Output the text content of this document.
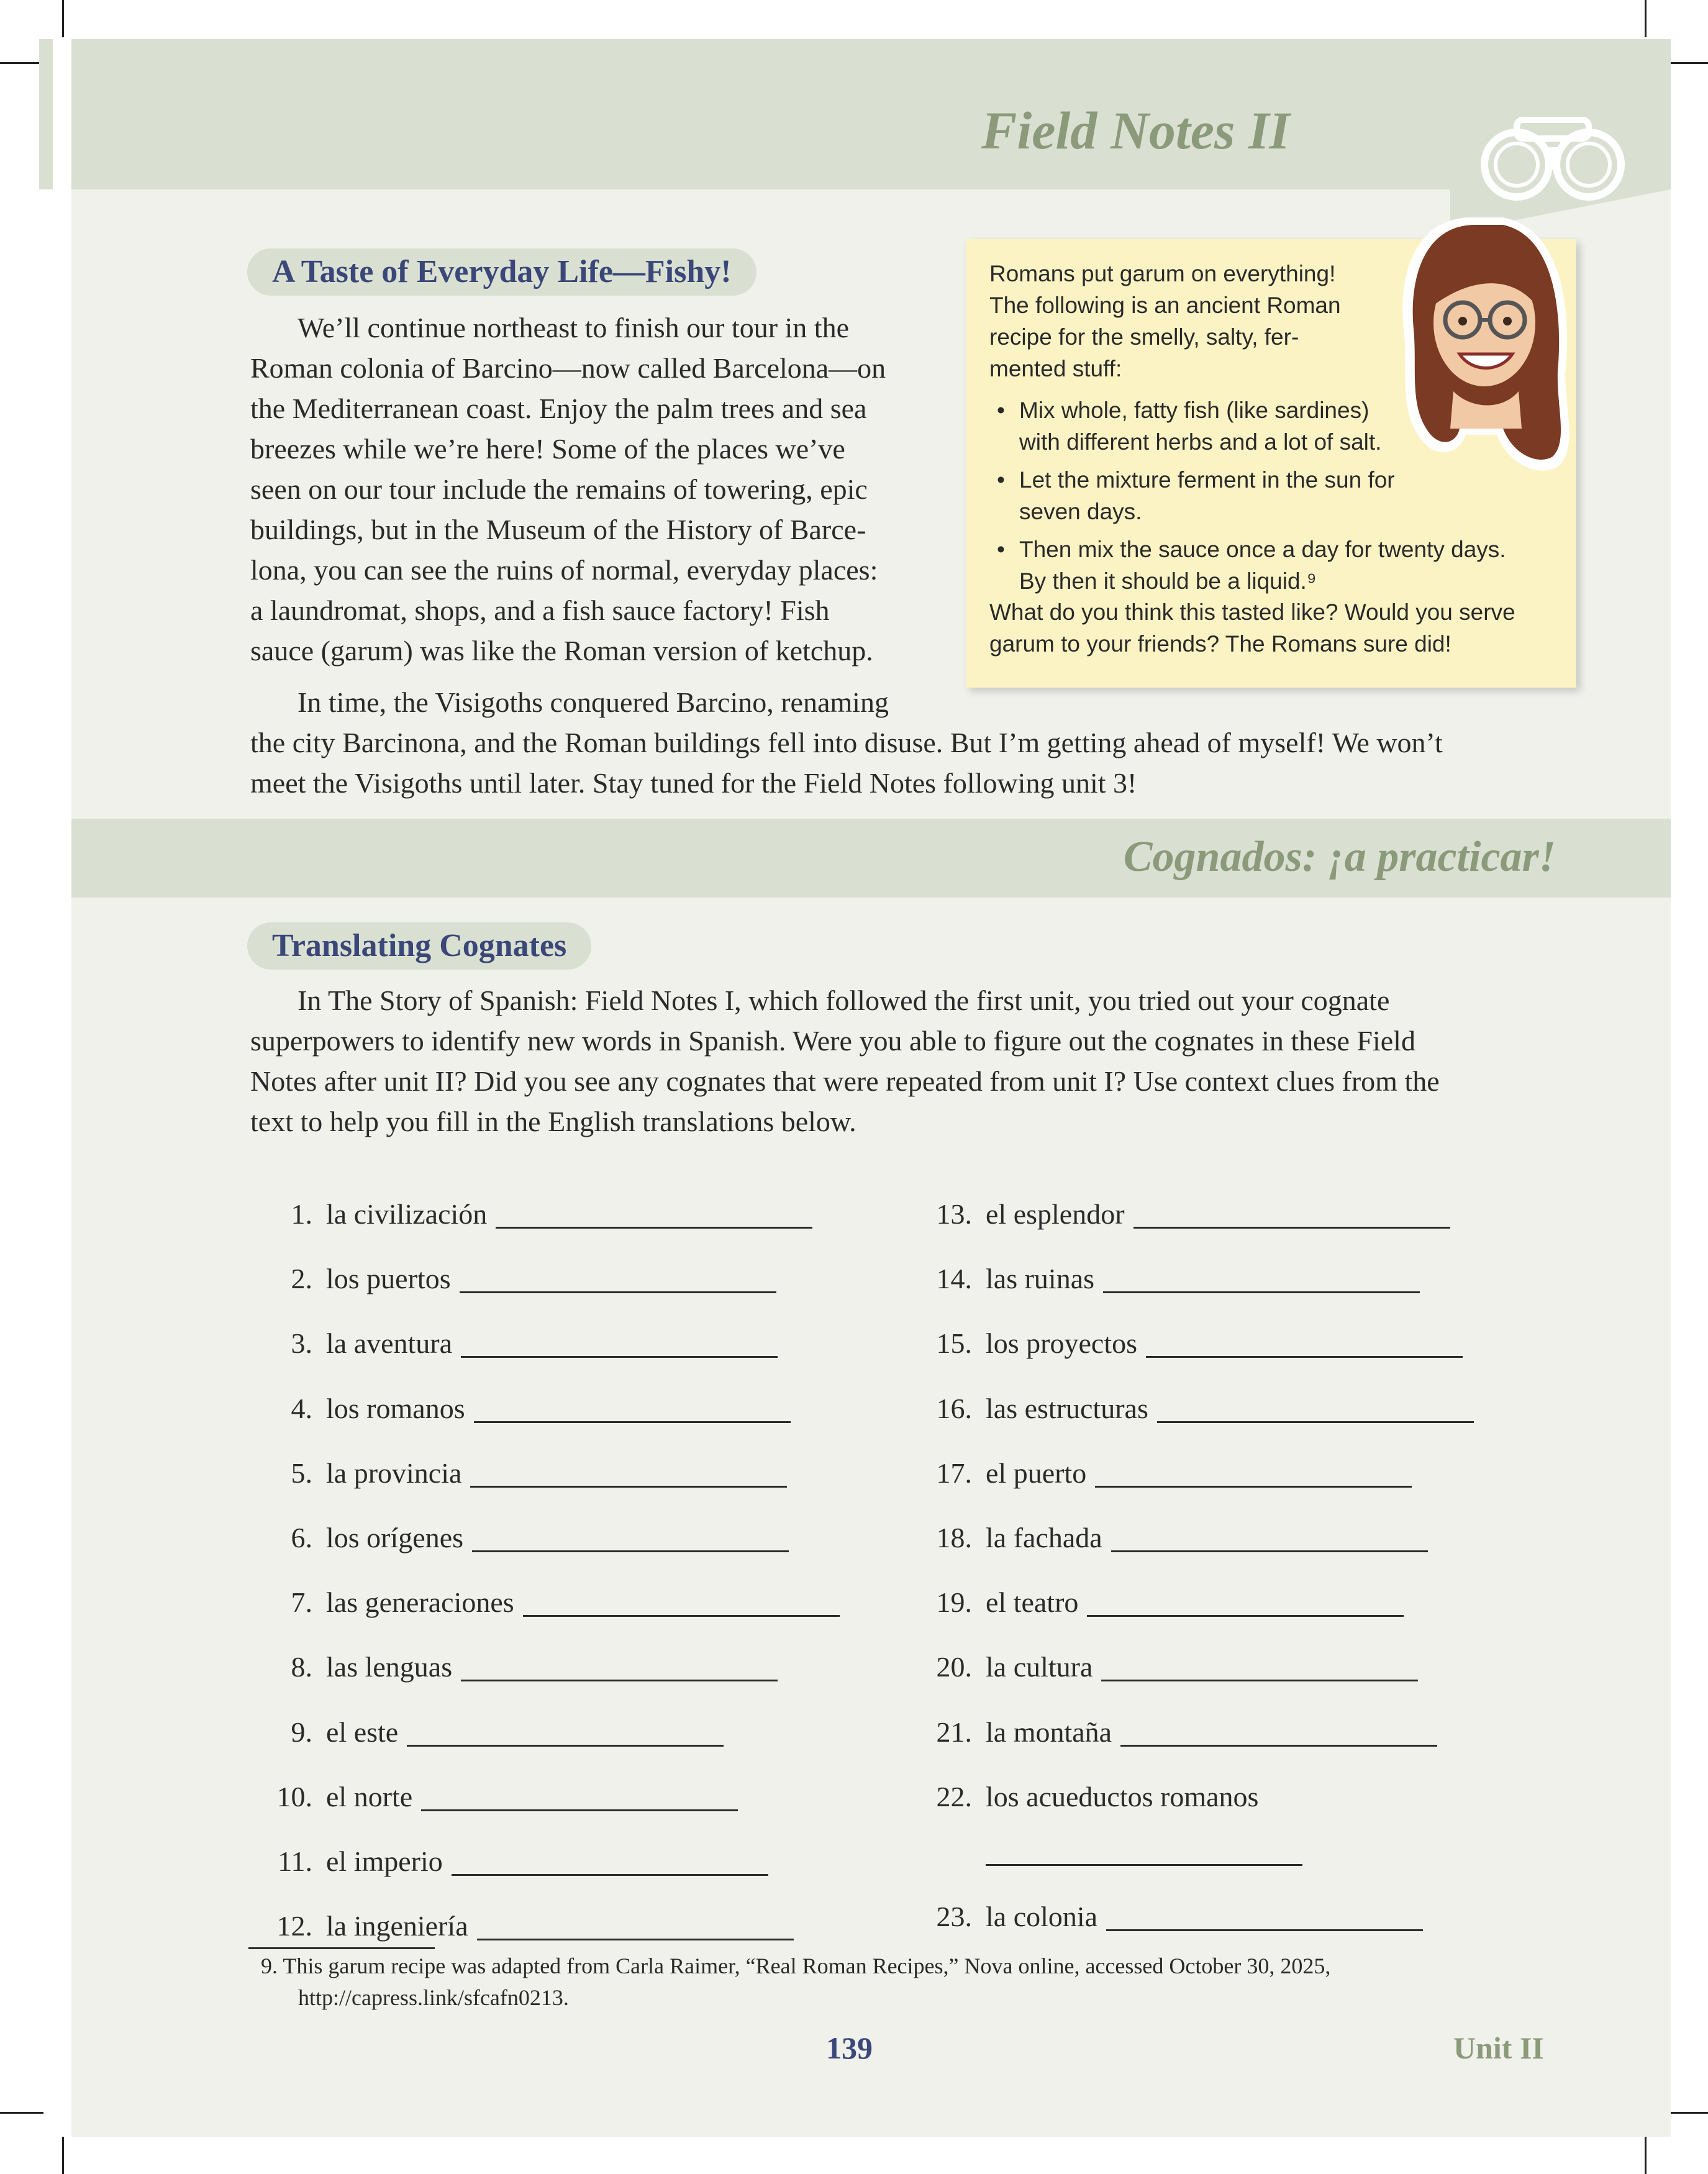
Field Notes II
A Taste of Everyday Life—Fishy!
We’ll continue northeast to finish our tour in the
Roman colonia of Barcino—now called Barcelona—on
the Mediterranean coast. Enjoy the palm trees and sea
breezes while we’re here! Some of the places we’ve
seen on our tour include the remains of towering, epic
buildings, but in the Museum of the History of Barce-
lona, you can see the ruins of normal, everyday places:
a laundromat, shops, and a fish sauce factory! Fish
sauce (garum) was like the Roman version of ketchup.
In time, the Visigoths conquered Barcino, renaming
the city Barcinona, and the Roman buildings fell into disuse. But I’m getting ahead of myself! We won’t
meet the Visigoths until later. Stay tuned for the Field Notes following unit 3!
Romans put garum on everything!
The following is an ancient Roman
recipe for the smelly, salty, fer-
mented stuff:
• Mix whole, fatty fish (like sardines)
with different herbs and a lot of salt.
• Let the mixture ferment in the sun for
seven days.
• Then mix the sauce once a day for twenty days.
By then it should be a liquid.⁹
What do you think this tasted like? Would you serve
garum to your friends? The Romans sure did!
Cognados: ¡a practicar!
Translating Cognates
In The Story of Spanish: Field Notes I, which followed the first unit, you tried out your cognate
superpowers to identify new words in Spanish. Were you able to figure out the cognates in these Field
Notes after unit II? Did you see any cognates that were repeated from unit I? Use context clues from the
text to help you fill in the English translations below.
1. la civilización
2. los puertos
3. la aventura
4. los romanos
5. la provincia
6. los orígenes
7. las generaciones
8. las lenguas
9. el este
10. el norte
11. el imperio
12. la ingeniería
13. el esplendor
14. las ruinas
15. los proyectos
16. las estructuras
17. el puerto
18. la fachada
19. el teatro
20. la cultura
21. la montaña
22. los acueductos romanos
23. la colonia
9. This garum recipe was adapted from Carla Raimer, “Real Roman Recipes,” Nova online, accessed October 30, 2025,
http://capress.link/sfcafn0213.
139	Unit II
